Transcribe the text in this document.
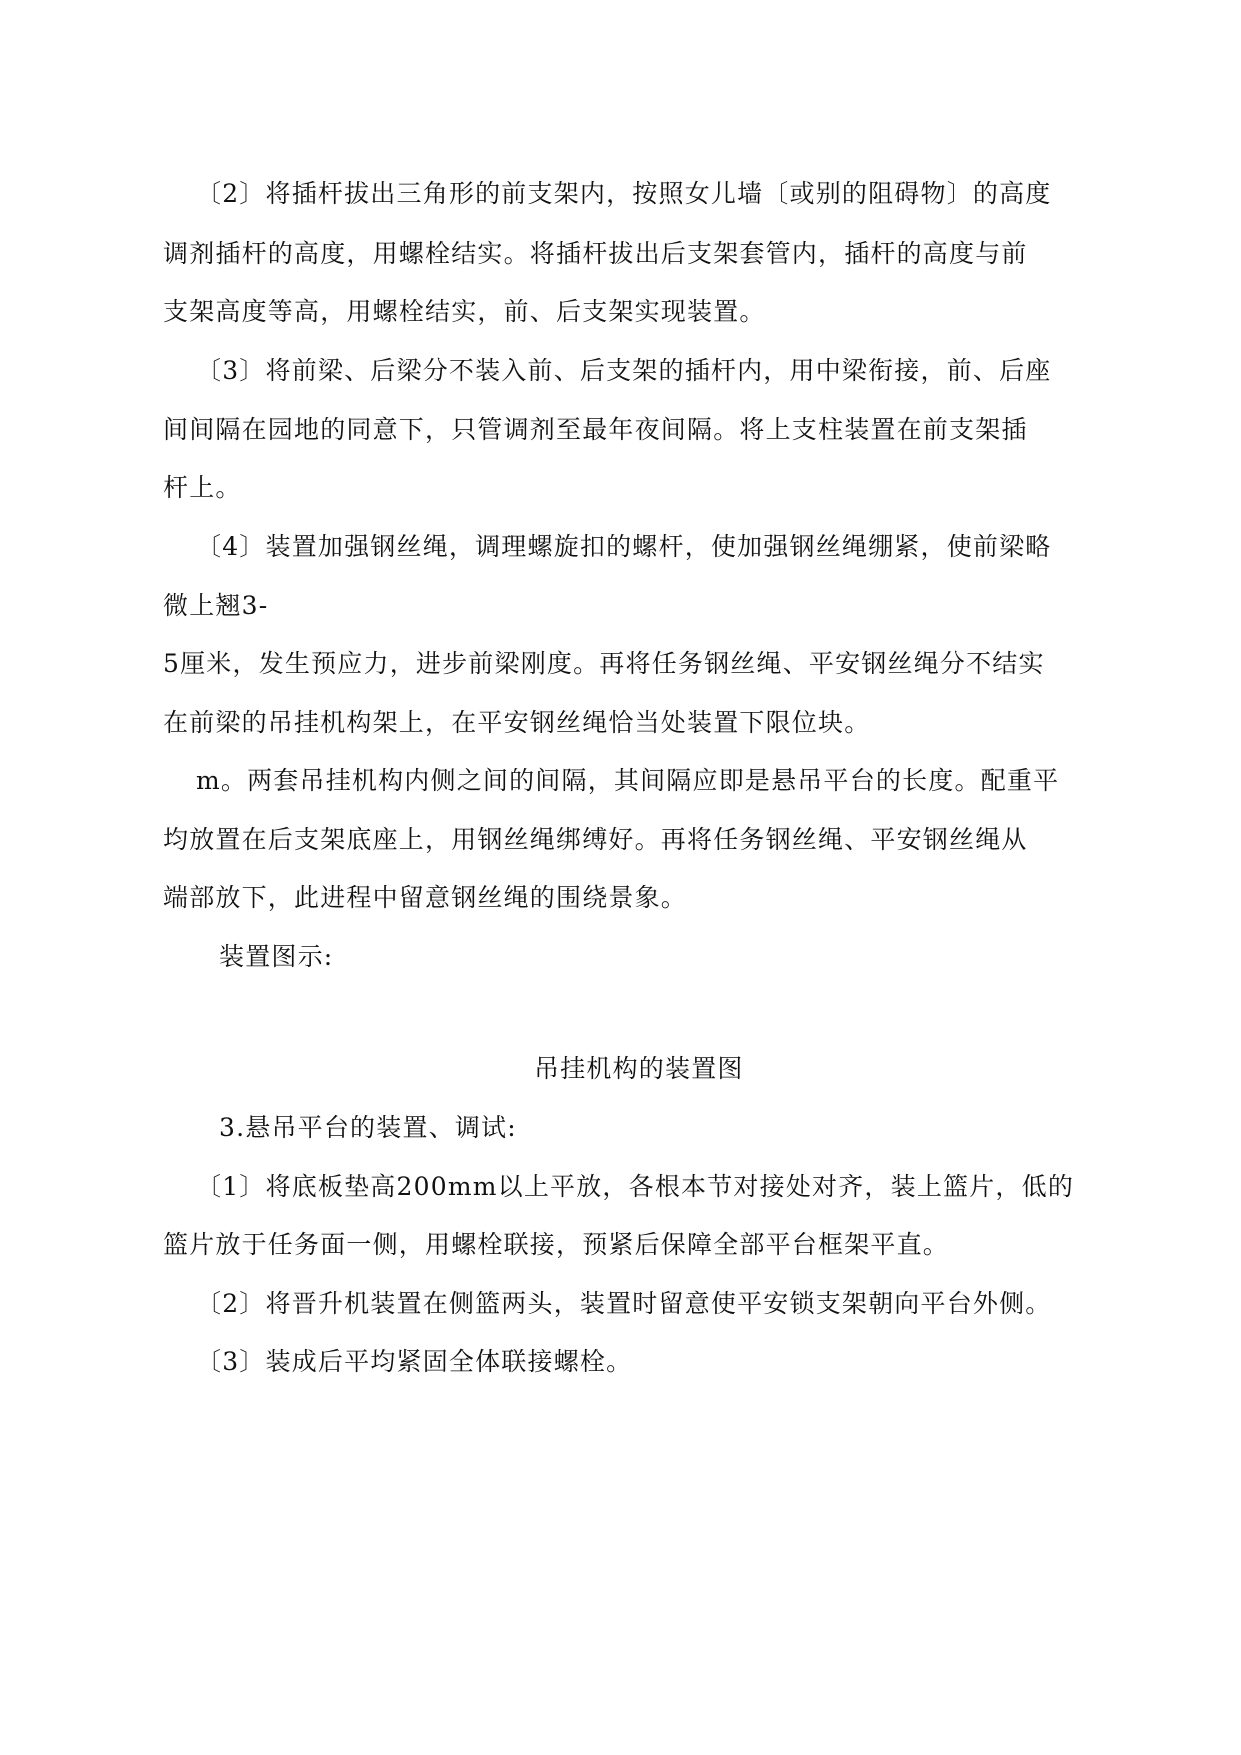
〔2〕将插杆拔出三角形的前支架内，按照女儿墙〔或别的阻碍物〕的高度
调剂插杆的高度，用螺栓结实。将插杆拔出后支架套管内，插杆的高度与前
支架高度等高，用螺栓结实，前、后支架实现装置。
〔3〕将前梁、后梁分不装入前、后支架的插杆内，用中梁衔接，前、后座
间间隔在园地的同意下，只管调剂至最年夜间隔。将上支柱装置在前支架插
杆上。
〔4〕装置加强钢丝绳，调理螺旋扣的螺杆，使加强钢丝绳绷紧，使前梁略
微上翘3-
5厘米，发生预应力，进步前梁刚度。再将任务钢丝绳、平安钢丝绳分不结实
在前梁的吊挂机构架上，在平安钢丝绳恰当处装置下限位块。
m。两套吊挂机构内侧之间的间隔，其间隔应即是悬吊平台的长度。配重平
均放置在后支架底座上，用钢丝绳绑缚好。再将任务钢丝绳、平安钢丝绳从
端部放下，此进程中留意钢丝绳的围绕景象。
装置图示:
吊挂机构的装置图
3.悬吊平台的装置、调试:
〔1〕将底板垫高200mm以上平放，各根本节对接处对齐，装上篮片，低的
篮片放于任务面一侧，用螺栓联接，预紧后保障全部平台框架平直。
〔2〕将晋升机装置在侧篮两头，装置时留意使平安锁支架朝向平台外侧。
〔3〕装成后平均紧固全体联接螺栓。
